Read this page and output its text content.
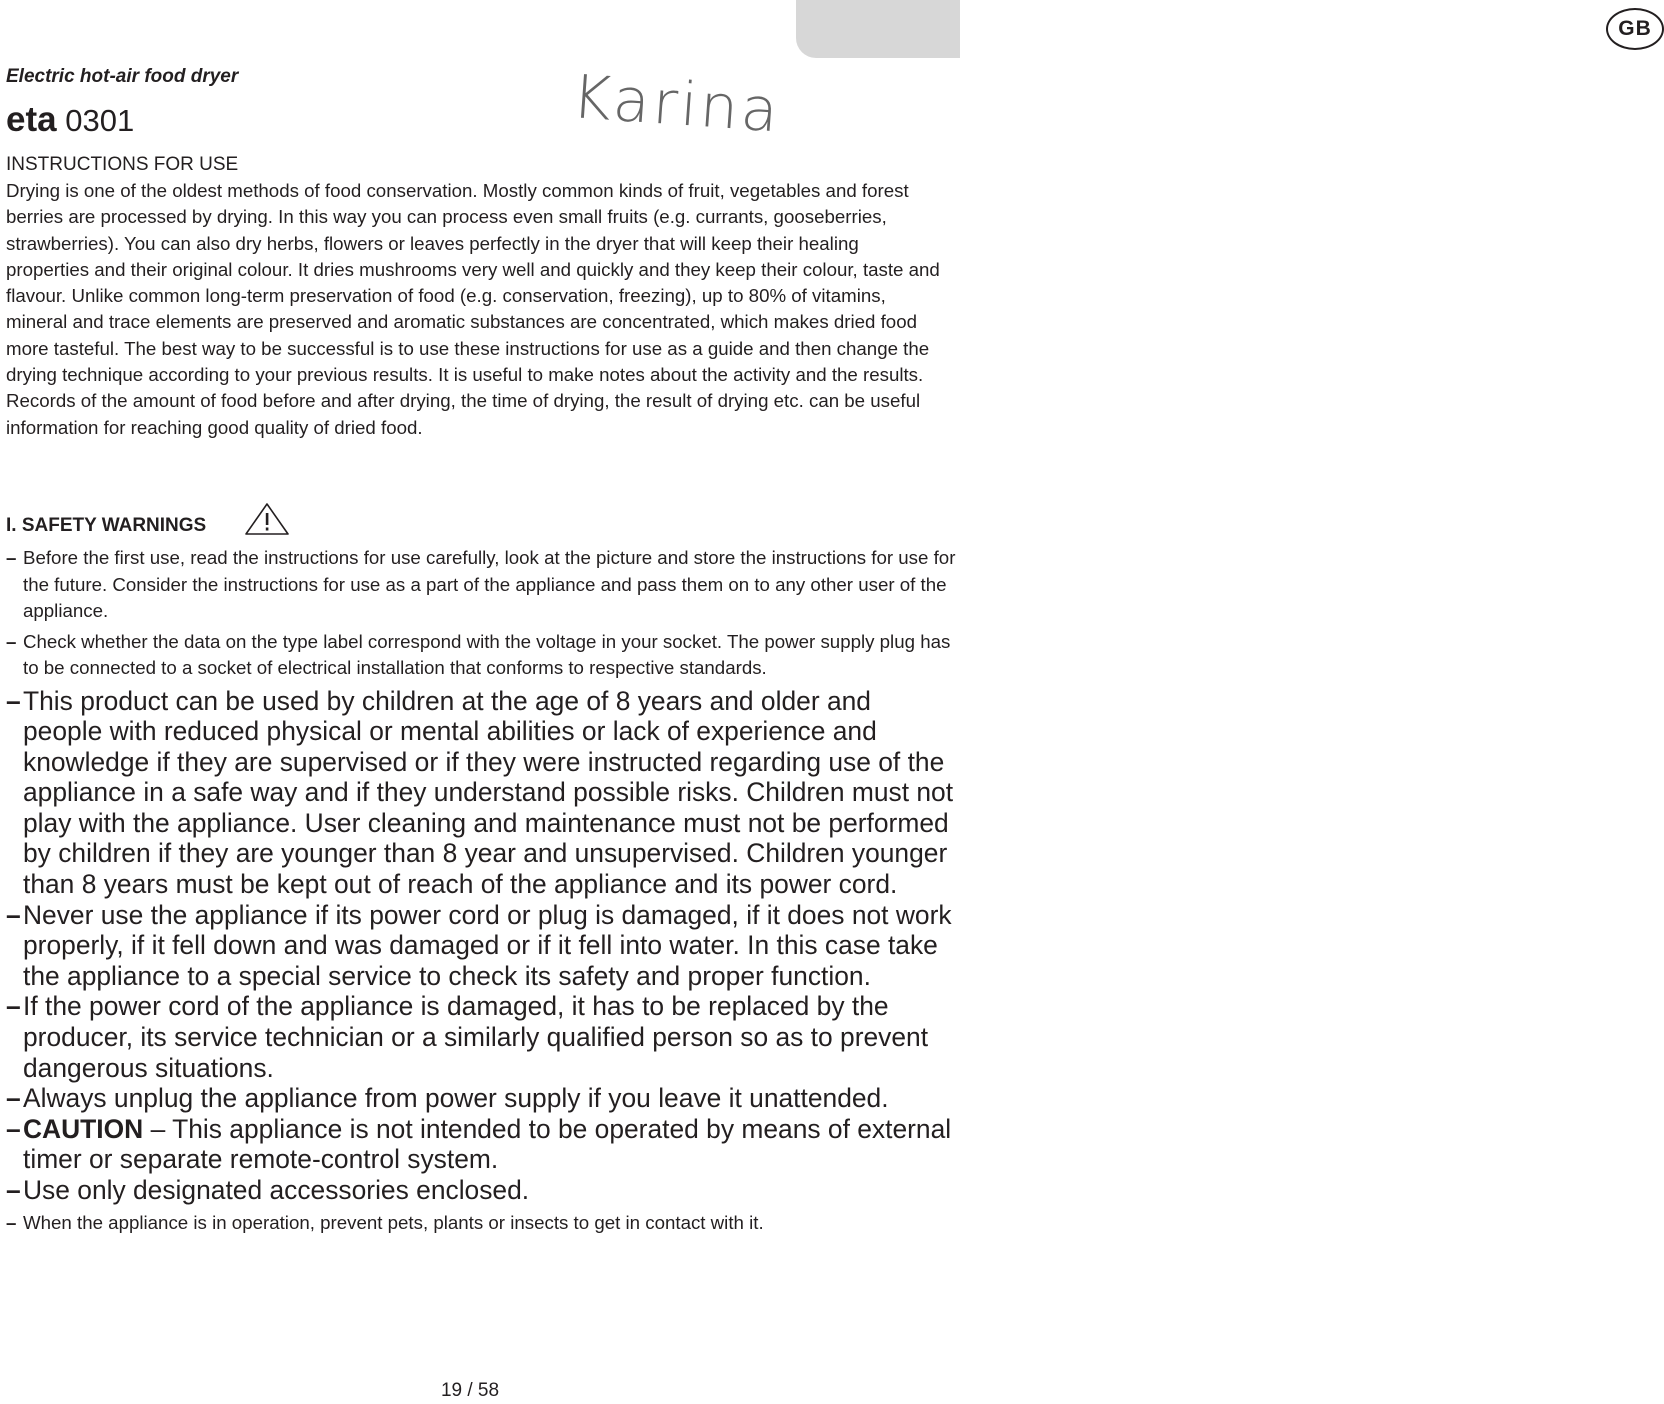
GB
Electric hot-air food dryer
eta 0301	Karina
INSTRUCTIONS FOR USE

Drying is one of the oldest methods of food conservation. Mostly common kinds of fruit, vegetables and forest berries are processed by drying. In this way you can process even small fruits (e.g. currants, gooseberries, strawberries). You can also dry herbs, flowers or leaves perfectly in the dryer that will keep their healing properties and their original colour. It dries mushrooms very well and quickly and they keep their colour, taste and flavour. Unlike common long-term preservation of food (e.g. conservation, freezing), up to 80% of vitamins, mineral and trace elements are preserved and aromatic substances are concentrated, which makes dried food more tasteful. The best way to be successful is to use these instructions for use as a guide and then change the drying technique according to your previous results. It is useful to make notes about the activity and the results. Records of the amount of food before and after drying, the time of drying, the result of drying etc. can be useful information for reaching good quality of dried food.

I. SAFETY WARNINGS
– Before the first use, read the instructions for use carefully, look at the picture and store the instructions for use for the future. Consider the instructions for use as a part of the appliance and pass them on to any other user of the appliance.
– Check whether the data on the type label correspond with the voltage in your socket. The power supply plug has to be connected to a socket of electrical installation that conforms to respective standards.
– This product can be used by children at the age of 8 years and older and people with reduced physical or mental abilities or lack of experience and knowledge if they are supervised or if they were instructed regarding use of the appliance in a safe way and if they understand possible risks. Children must not play with the appliance. User cleaning and maintenance must not be performed by children if they are younger than 8 year and unsupervised. Children younger than 8 years must be kept out of reach of the appliance and its power cord.
– Never use the appliance if its power cord or plug is damaged, if it does not work properly, if it fell down and was damaged or if it fell into water. In this case take the appliance to a special service to check its safety and proper function.
– If the power cord of the appliance is damaged, it has to be replaced by the producer, its service technician or a similarly qualified person so as to prevent dangerous situations.
– Always unplug the appliance from power supply if you leave it unattended.
– CAUTION – This appliance is not intended to be operated by means of external timer or separate remote-control system.
– Use only designated accessories enclosed.
– When the appliance is in operation, prevent pets, plants or insects to get in contact with it.
19 / 58
